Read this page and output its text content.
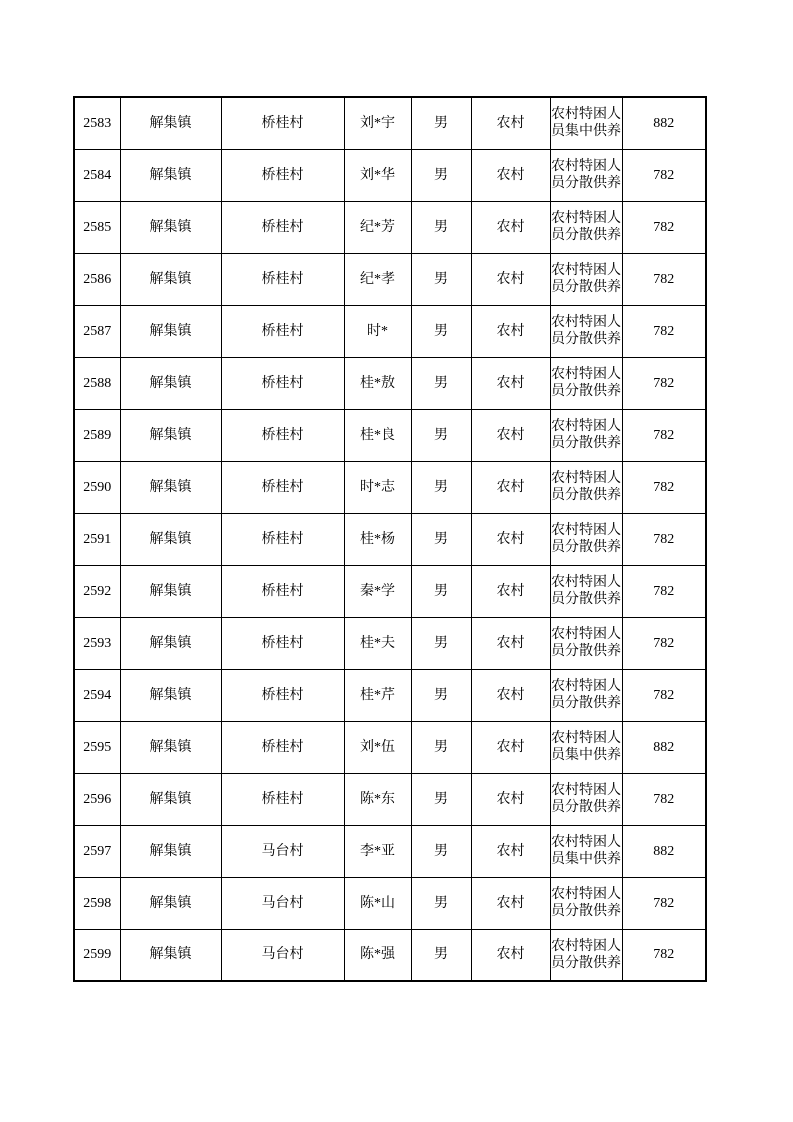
2583	解集镇	桥桂村	刘*宇	男	农村	农村特困人员集中供养	882
2584	解集镇	桥桂村	刘*华	男	农村	农村特困人员分散供养	782
2585	解集镇	桥桂村	纪*芳	男	农村	农村特困人员分散供养	782
2586	解集镇	桥桂村	纪*孝	男	农村	农村特困人员分散供养	782
2587	解集镇	桥桂村	时*	男	农村	农村特困人员分散供养	782
2588	解集镇	桥桂村	桂*敖	男	农村	农村特困人员分散供养	782
2589	解集镇	桥桂村	桂*良	男	农村	农村特困人员分散供养	782
2590	解集镇	桥桂村	时*志	男	农村	农村特困人员分散供养	782
2591	解集镇	桥桂村	桂*杨	男	农村	农村特困人员分散供养	782
2592	解集镇	桥桂村	秦*学	男	农村	农村特困人员分散供养	782
2593	解集镇	桥桂村	桂*夫	男	农村	农村特困人员分散供养	782
2594	解集镇	桥桂村	桂*芹	男	农村	农村特困人员分散供养	782
2595	解集镇	桥桂村	刘*伍	男	农村	农村特困人员集中供养	882
2596	解集镇	桥桂村	陈*东	男	农村	农村特困人员分散供养	782
2597	解集镇	马台村	李*亚	男	农村	农村特困人员集中供养	882
2598	解集镇	马台村	陈*山	男	农村	农村特困人员分散供养	782
2599	解集镇	马台村	陈*强	男	农村	农村特困人员分散供养	782
